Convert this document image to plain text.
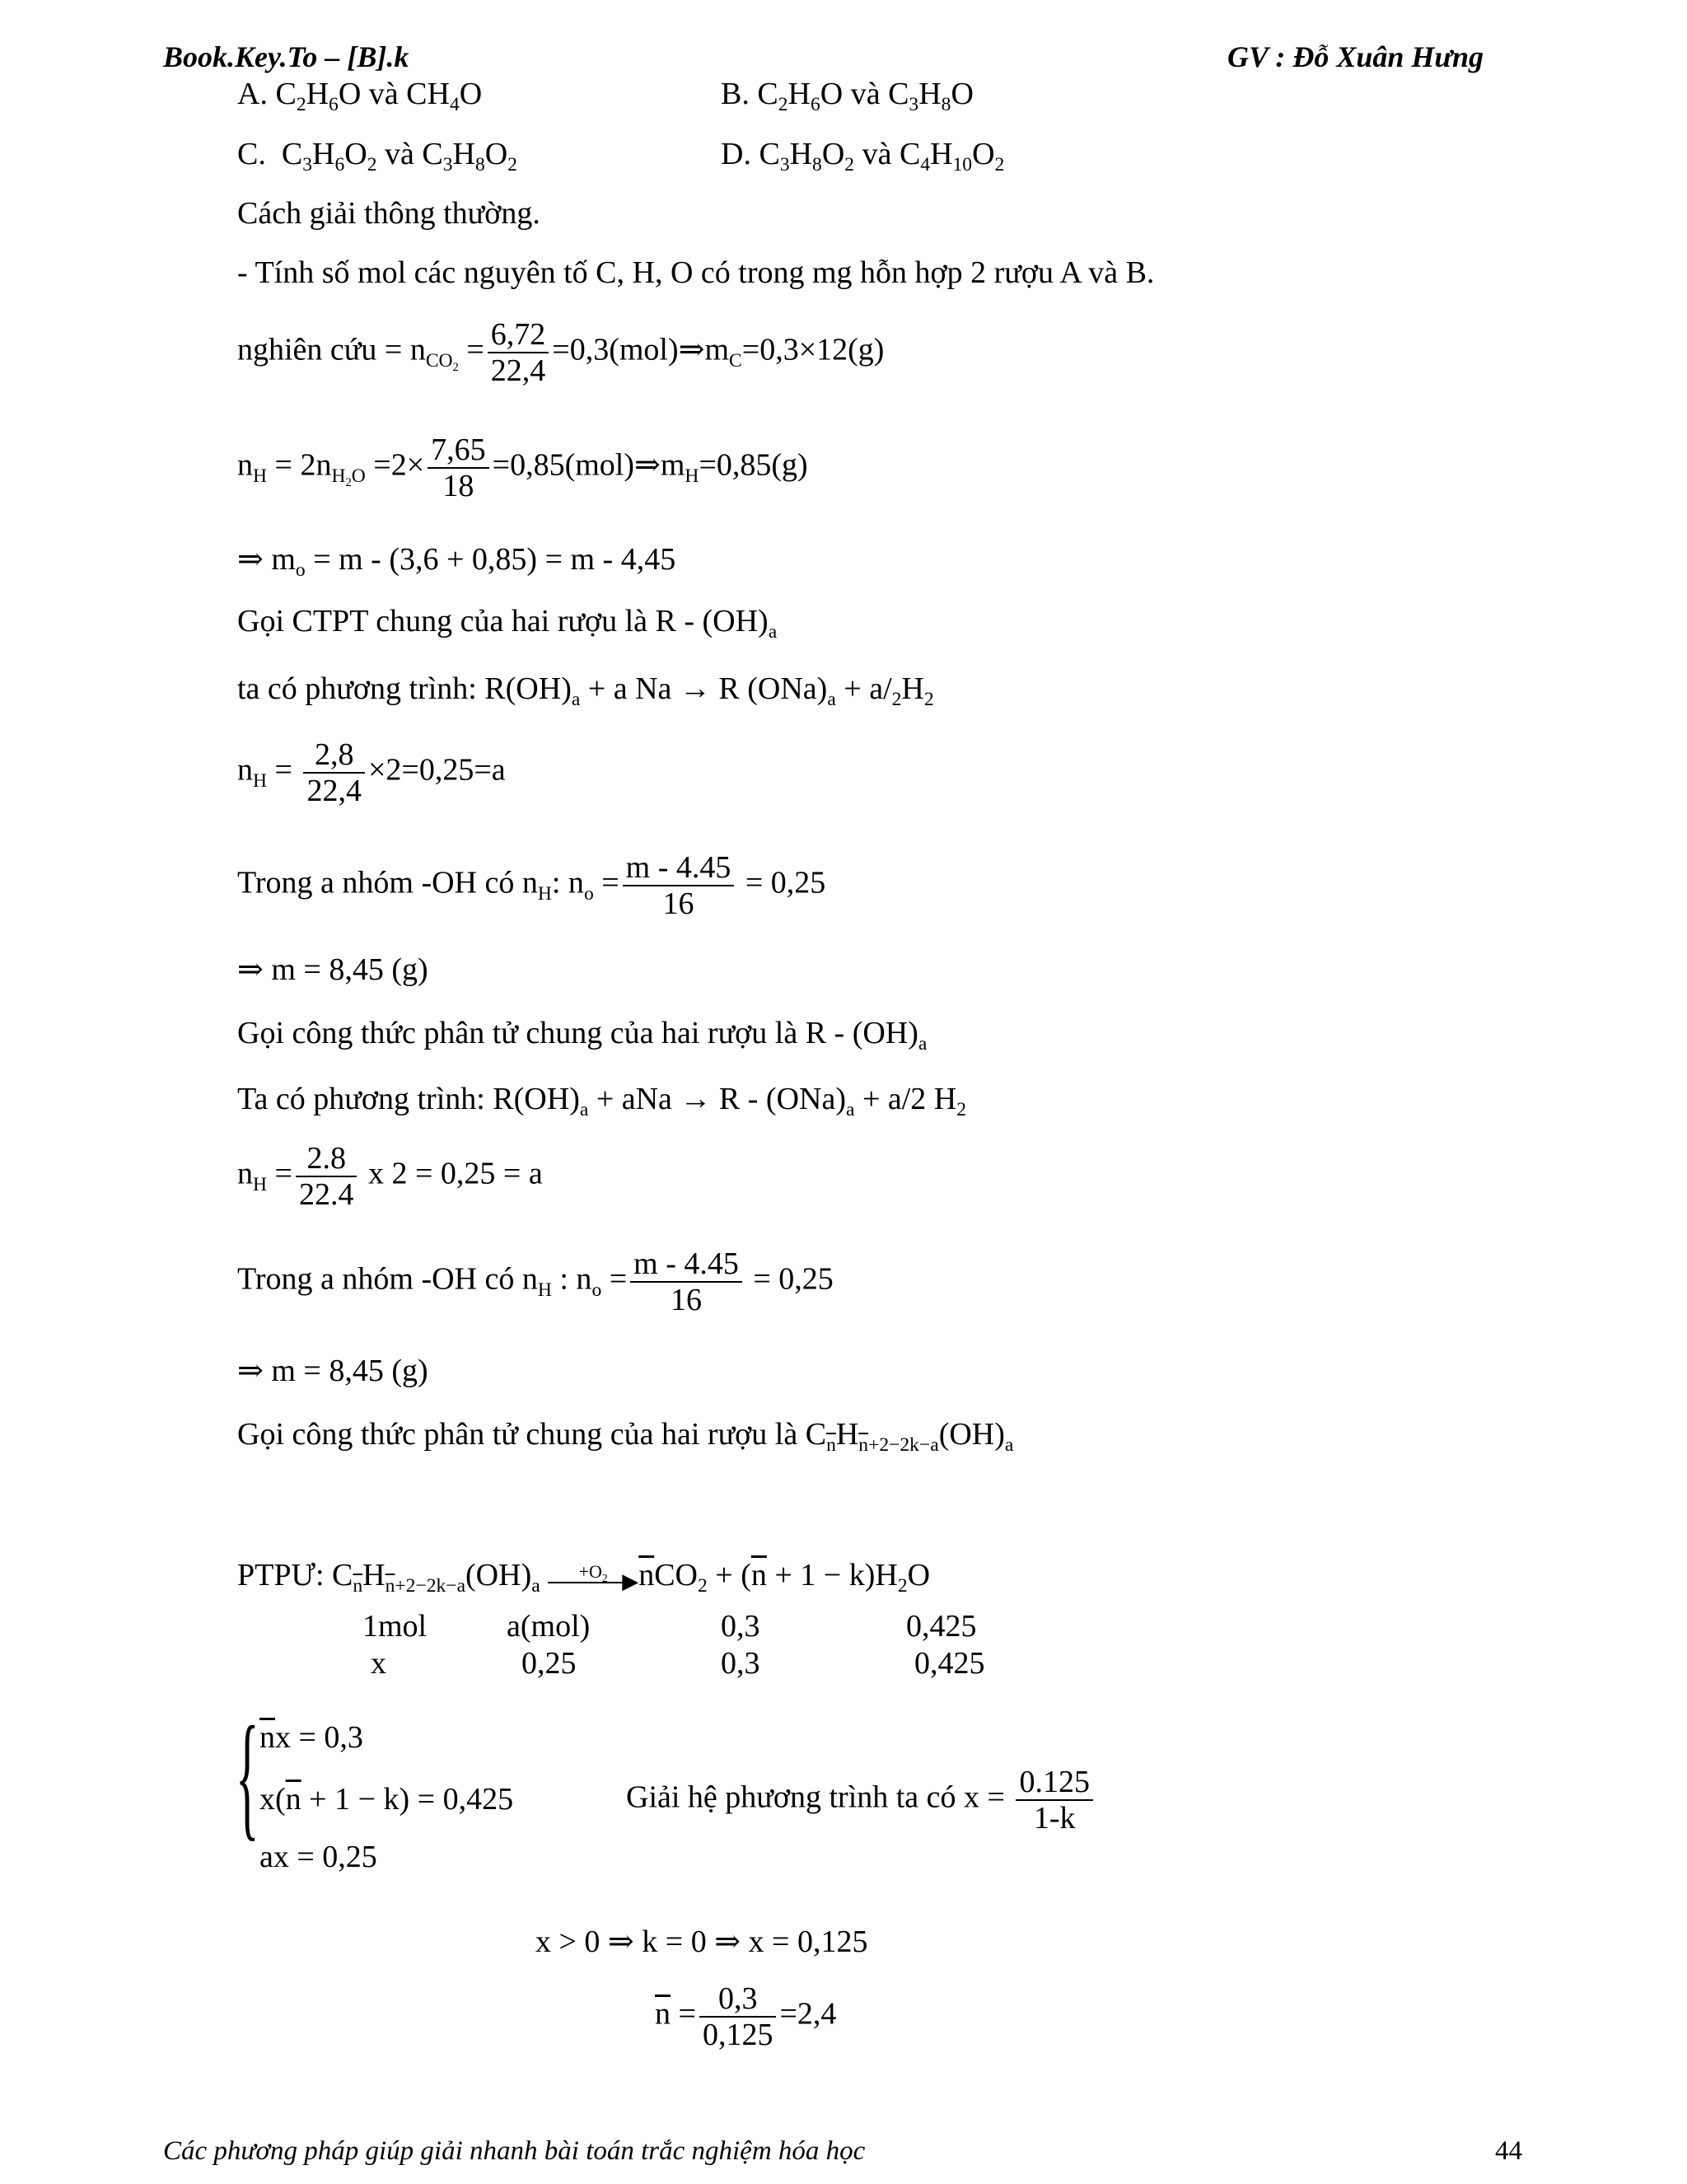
Book.Key.To – [B].k	GV : Đỗ Xuân Hưng
A. $C_2H_6O$ và $CH_4O$	B. $C_2H_6O$ và $C_3H_8O$
C.  $C_3H_6O_2$ và $C_3H_8O_2$	D. $C_3H_8O_2$ và $C_4H_{10}O_2$
Cách giải thông thường.
- Tính số mol các nguyên tố C, H, O có trong mg hỗn hợp 2 rượu A và B.
nghiên cứu = $n_{CO_2} = \frac{6,72}{22,4}$ $=0,3(mol)\Rightarrow m_C=0,3\times 12(g)$
$n_H = 2n_{H_2O} =2\times \frac{7,65}{18}$ $=0,85(mol)\Rightarrow m_H=0,85(g)$
⇒ $m_o = m - (3,6 + 0,85) = m - 4,45$
Gọi CTPT chung của hai rượu là R - $(OH)_a$
ta có phương trình: $R(OH)_a + a$ Na → R $(ONa)_a + a/_2H_2$
$n_H = \frac{2,8}{22,4} \times 2=0,25=a$
Trong a nhóm -OH có $n_H$: $n_o = \frac{m - 4.45}{16} = 0,25$
⇒ m = 8,45 (g)
Gọi công thức phân tử chung của hai rượu là R - $(OH)_a$
Ta có phương trình: $R(OH)_a$ + aNa → $R - (ONa)_a + a/2$ $H_2$
$n_H = \frac{2.8}{22.4}$ x 2 = 0,25 = a
Trong a nhóm -OH có $n_H$ : $n_o = \frac{m - 4.45}{16} = 0,25$
⇒ m = 8,45 (g)
Gọi công thức phân tử chung của hai rượu là $C_{\overline{n}}H_{\overline{n}+2-2k-a}(OH)_a$
PTPƯ: $C_{\overline{n}}H_{\overline{n}+2-2k-a}(OH)_a$
$+O_2$ ▶ $\overline{n}CO_2 + (\overline{n} + 1 - k)H_2O$
1mol	a(mol)	0,3	0,425
x	0,25	0,3	0,425
{ $\overline{n}x = 0,3$
$x(\overline{n} + 1 - k) = 0,425$
ax = 0,25
Giải hệ phương trình ta có $x = \frac{0.125}{1-k}$
x > 0 ⇒ k = 0 ⇒ x = 0,125
$\overline{n} = \frac{0,3}{0,125} =2,4$
Các phương pháp giúp giải nhanh bài toán trắc nghiệm hóa học	44
